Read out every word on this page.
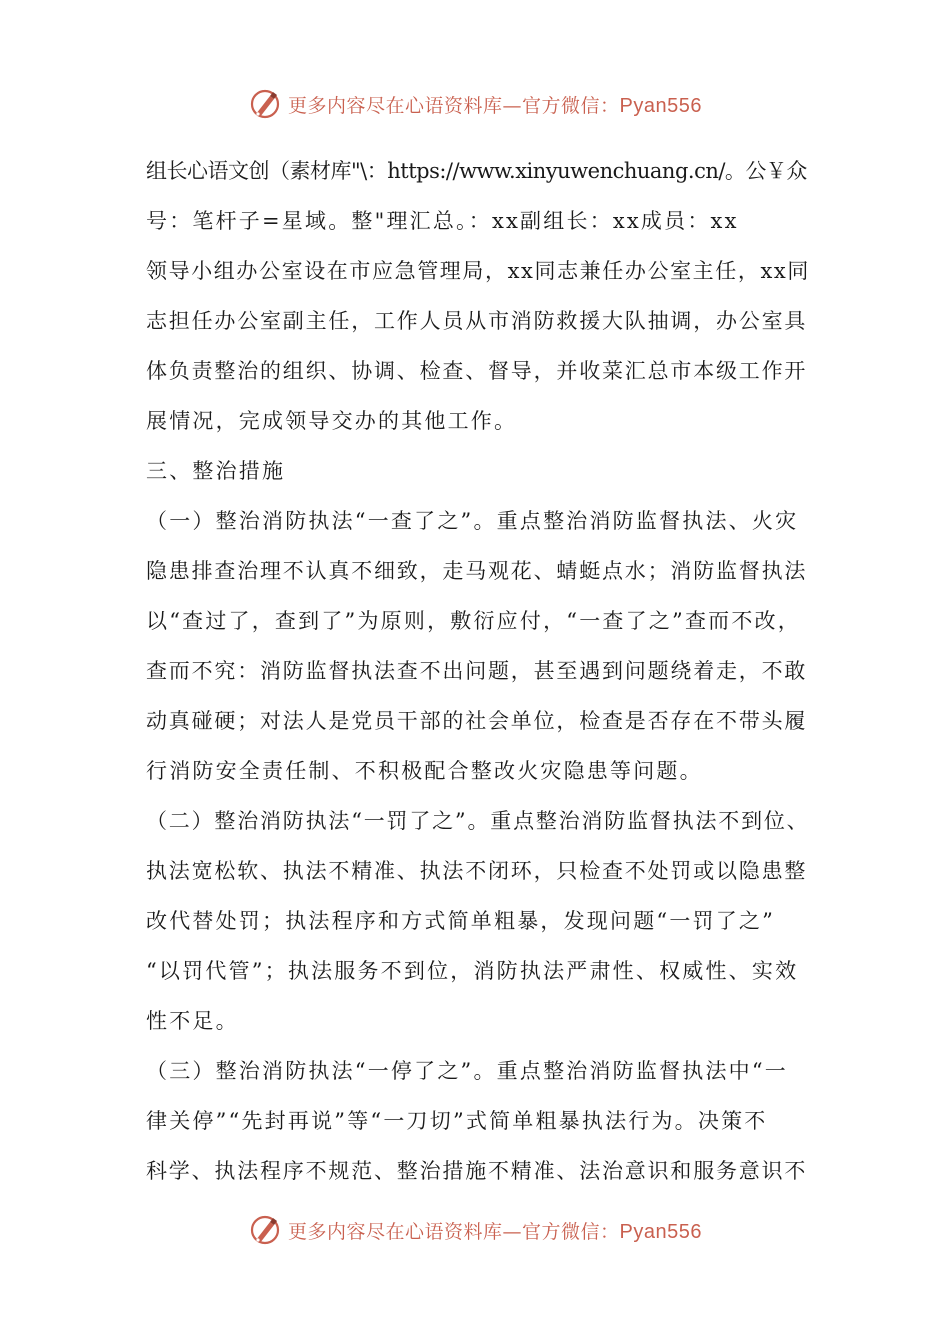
更多内容尽在心语资料库—官方微信：Pyan556
组长心语文创（素材库"\：https://www.xinyuwenchuang.cn/。公￥众
号：笔杆子=星域。整"理汇总。：xx副组长：xx成员：xx
领导小组办公室设在市应急管理局，xx同志兼任办公室主任，xx同
志担任办公室副主任，工作人员从市消防救援大队抽调，办公室具
体负责整治的组织、协调、检查、督导，并收菜汇总市本级工作开
展情况，完成领导交办的其他工作。
三、整治措施
（一）整治消防执法“一查了之”。重点整治消防监督执法、火灾
隐患排查治理不认真不细致，走马观花、蜻蜓点水；消防监督执法
以“查过了，查到了”为原则，敷衍应付，“一查了之”查而不改，
查而不究：消防监督执法查不出问题，甚至遇到问题绕着走，不敢
动真碰硬；对法人是党员干部的社会单位，检查是否存在不带头履
行消防安全责任制、不积极配合整改火灾隐患等问题。
（二）整治消防执法“一罚了之”。重点整治消防监督执法不到位、
执法宽松软、执法不精准、执法不闭环，只检查不处罚或以隐患整
改代替处罚；执法程序和方式简单粗暴，发现问题“一罚了之”
“以罚代管”；执法服务不到位，消防执法严肃性、权威性、实效
性不足。
（三）整治消防执法“一停了之”。重点整治消防监督执法中“一
律关停”“先封再说”等“一刀切”式简单粗暴执法行为。决策不
科学、执法程序不规范、整治措施不精准、法治意识和服务意识不
更多内容尽在心语资料库—官方微信：Pyan556
